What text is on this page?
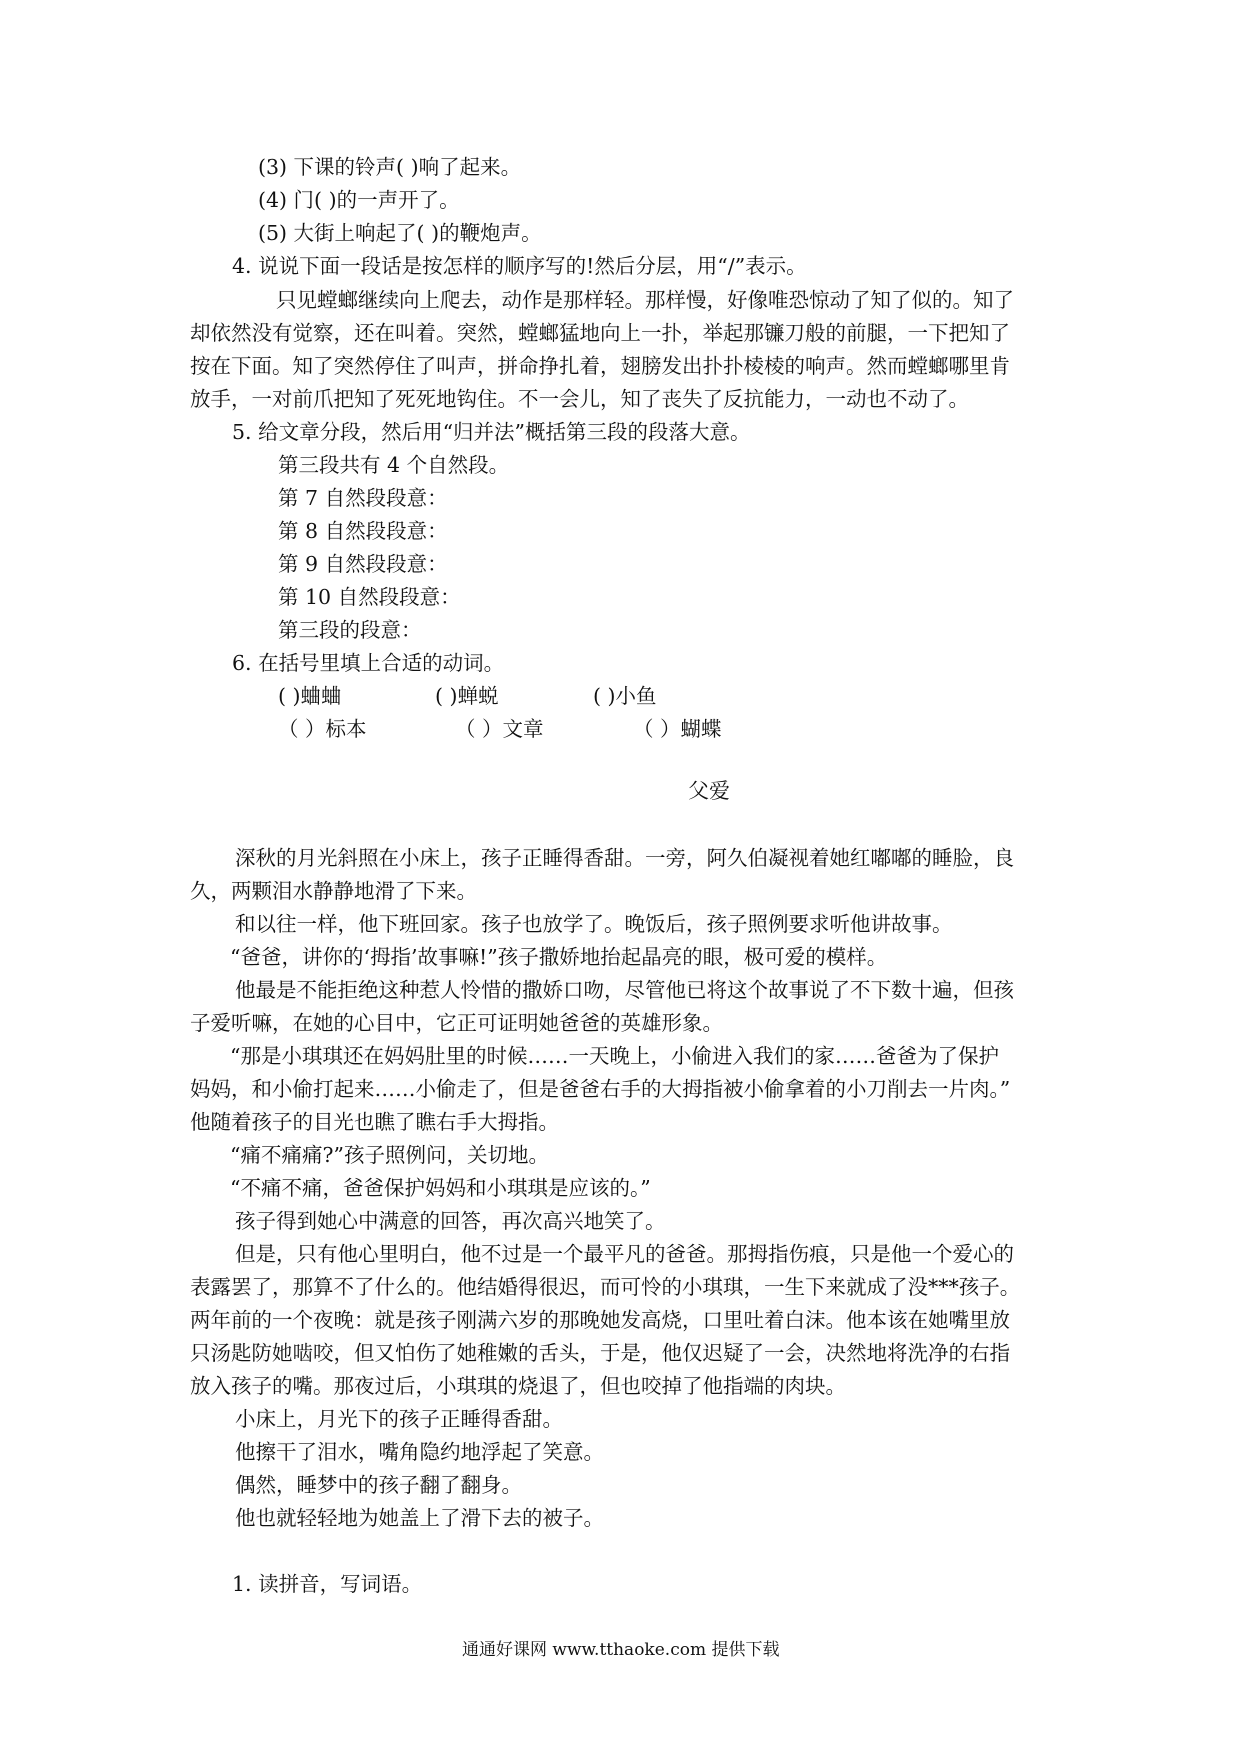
(3) 下课的铃声( )响了起来。
(4) 门( )的一声开了。
(5) 大街上响起了( )的鞭炮声。
4. 说说下面一段话是按怎样的顺序写的!然后分层，用“/”表示。
只见螳螂继续向上爬去，动作是那样轻。那样慢，好像唯恐惊动了知了似的。知了
却依然没有觉察，还在叫着。突然，螳螂猛地向上一扑，举起那镰刀般的前腿，一下把知了
按在下面。知了突然停住了叫声，拼命挣扎着，翅膀发出扑扑棱棱的响声。然而螳螂哪里肯
放手，一对前爪把知了死死地钩住。不一会儿，知了丧失了反抗能力，一动也不动了。
5. 给文章分段，然后用“归并法”概括第三段的段落大意。
第三段共有 4 个自然段。
第 7 自然段段意：
第 8 自然段段意：
第 9 自然段段意：
第 10 自然段段意：
第三段的段意：
6. 在括号里填上合适的动词。
( )蛐蛐	( )蝉蜕	( )小鱼
（ ）标本	（ ）文章	（ ）蝴蝶
父爱
深秋的月光斜照在小床上，孩子正睡得香甜。一旁，阿久伯凝视着她红嘟嘟的睡脸，良
久，两颗泪水静静地滑了下来。
和以往一样，他下班回家。孩子也放学了。晚饭后，孩子照例要求听他讲故事。
“爸爸，讲你的‘拇指’故事嘛!”孩子撒娇地抬起晶亮的眼，极可爱的模样。
他最是不能拒绝这种惹人怜惜的撒娇口吻，尽管他已将这个故事说了不下数十遍，但孩
子爱听嘛，在她的心目中，它正可证明她爸爸的英雄形象。
“那是小琪琪还在妈妈肚里的时候……一天晚上，小偷进入我们的家……爸爸为了保护
妈妈，和小偷打起来……小偷走了，但是爸爸右手的大拇指被小偷拿着的小刀削去一片肉。”
他随着孩子的目光也瞧了瞧右手大拇指。
“痛不痛痛?”孩子照例问，关切地。
“不痛不痛，爸爸保护妈妈和小琪琪是应该的。”
孩子得到她心中满意的回答，再次高兴地笑了。
但是，只有他心里明白，他不过是一个最平凡的爸爸。那拇指伤痕，只是他一个爱心的
表露罢了，那算不了什么的。他结婚得很迟，而可怜的小琪琪，一生下来就成了没***孩子。
两年前的一个夜晚：就是孩子刚满六岁的那晚她发高烧，口里吐着白沫。他本该在她嘴里放
只汤匙防她啮咬，但又怕伤了她稚嫩的舌头，于是，他仅迟疑了一会，决然地将洗净的右指
放入孩子的嘴。那夜过后，小琪琪的烧退了，但也咬掉了他指端的肉块。
小床上，月光下的孩子正睡得香甜。
他擦干了泪水，嘴角隐约地浮起了笑意。
偶然，睡梦中的孩子翻了翻身。
他也就轻轻地为她盖上了滑下去的被子。
1. 读拼音，写词语。
通通好课网 www.tthaoke.com 提供下载
